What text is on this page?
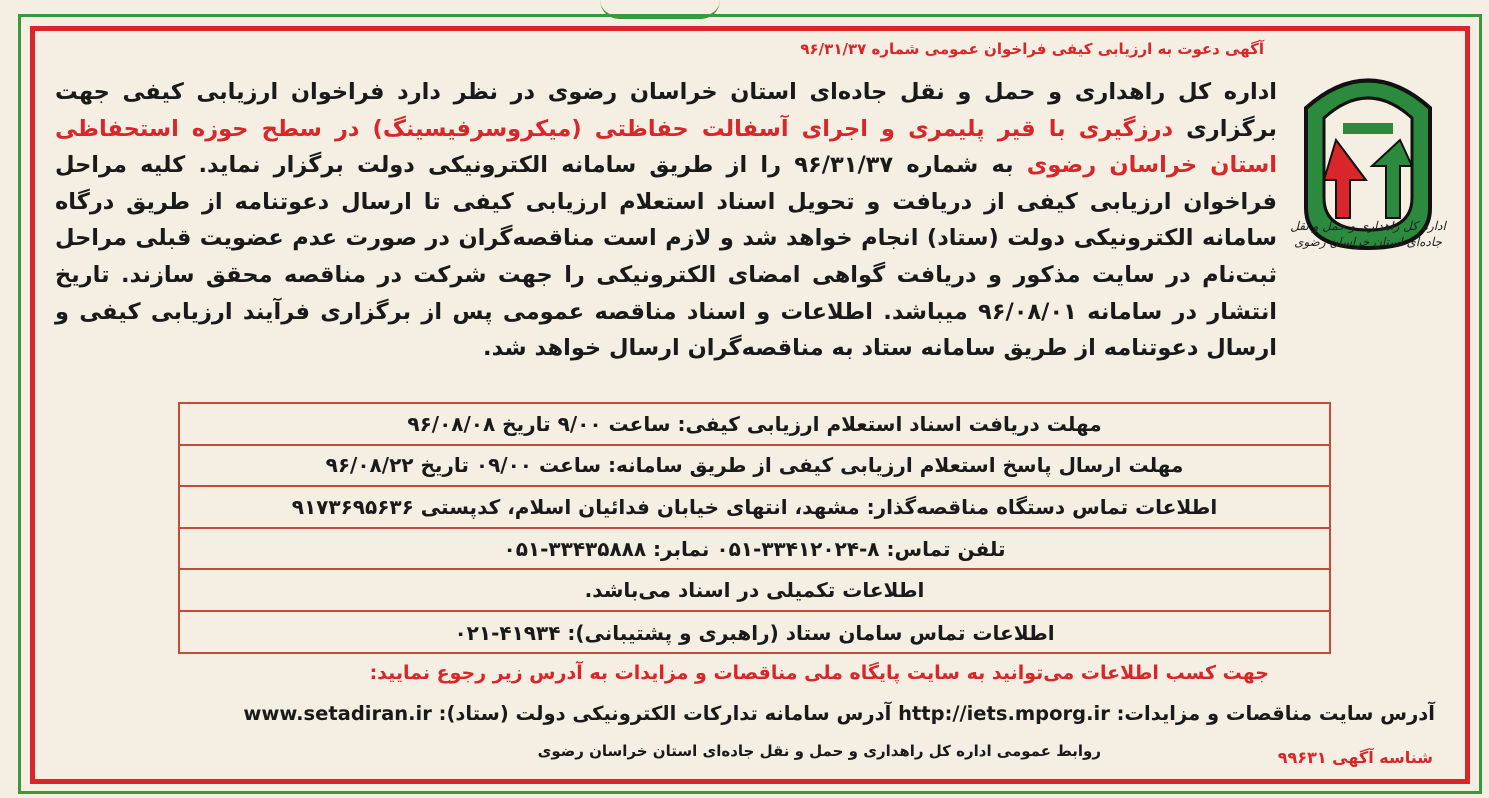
اداره کل راهداری و حمل و نقل جاده‌ای استان خراسان رضوی
آگهی دعوت به ارزیابی کیفی فراخوان عمومی شماره ۹۶/۳۱/۳۷
اداره کل راهداری و حمل و نقل جاده‌ای استان خراسان رضوی در نظر دارد فراخوان ارزیابی کیفی جهت برگزاری درزگیری با قیر پلیمری و اجرای آسفالت حفاظتی (میکروسرفیسینگ) در سطح حوزه استحفاظی استان خراسان رضوی به شماره ۹۶/۳۱/۳۷ را از طریق سامانه الکترونیکی دولت برگزار نماید. کلیه مراحل فراخوان ارزیابی کیفی از دریافت و تحویل اسناد استعلام ارزیابی کیفی تا ارسال دعوتنامه از طریق درگاه سامانه الکترونیکی دولت (ستاد) انجام خواهد شد و لازم است مناقصه‌گران در صورت عدم عضویت قبلی مراحل ثبت‌نام در سایت مذکور و دریافت گواهی امضای الکترونیکی را جهت شرکت در مناقصه محقق سازند. تاریخ انتشار در سامانه ۹۶/۰۸/۰۱ میباشد. اطلاعات و اسناد مناقصه عمومی پس از برگزاری فرآیند ارزیابی کیفی و ارسال دعوتنامه از طریق سامانه ستاد به مناقصه‌گران ارسال خواهد شد.
مهلت دریافت اسناد استعلام ارزیابی کیفی: ساعت ۹/۰۰ تاریخ ۹۶/۰۸/۰۸
مهلت ارسال پاسخ استعلام ارزیابی کیفی از طریق سامانه: ساعت ۰۹/۰۰ تاریخ ۹۶/۰۸/۲۲
اطلاعات تماس دستگاه مناقصه‌گذار: مشهد، انتهای خیابان فدائیان اسلام، کدپستی ۹۱۷۳۶۹۵۶۳۶
تلفن تماس: ۸-۳۳۴۱۲۰۲۴-۰۵۱ نمابر: ۳۳۴۳۵۸۸۸-۰۵۱
اطلاعات تکمیلی در اسناد می‌باشد.
اطلاعات تماس سامان ستاد (راهبری و پشتیبانی): ۴۱۹۳۴-۰۲۱
جهت کسب اطلاعات می‌توانید به سایت پایگاه ملی مناقصات و مزایدات به آدرس زیر رجوع نمایید:
آدرس سایت مناقصات و مزایدات: http://iets.mporg.ir آدرس سامانه تدارکات الکترونیکی دولت (ستاد): www.setadiran.ir
روابط عمومی اداره کل راهداری و حمل و نقل جاده‌ای استان خراسان رضوی	شناسه آگهی ۹۹۶۳۱
